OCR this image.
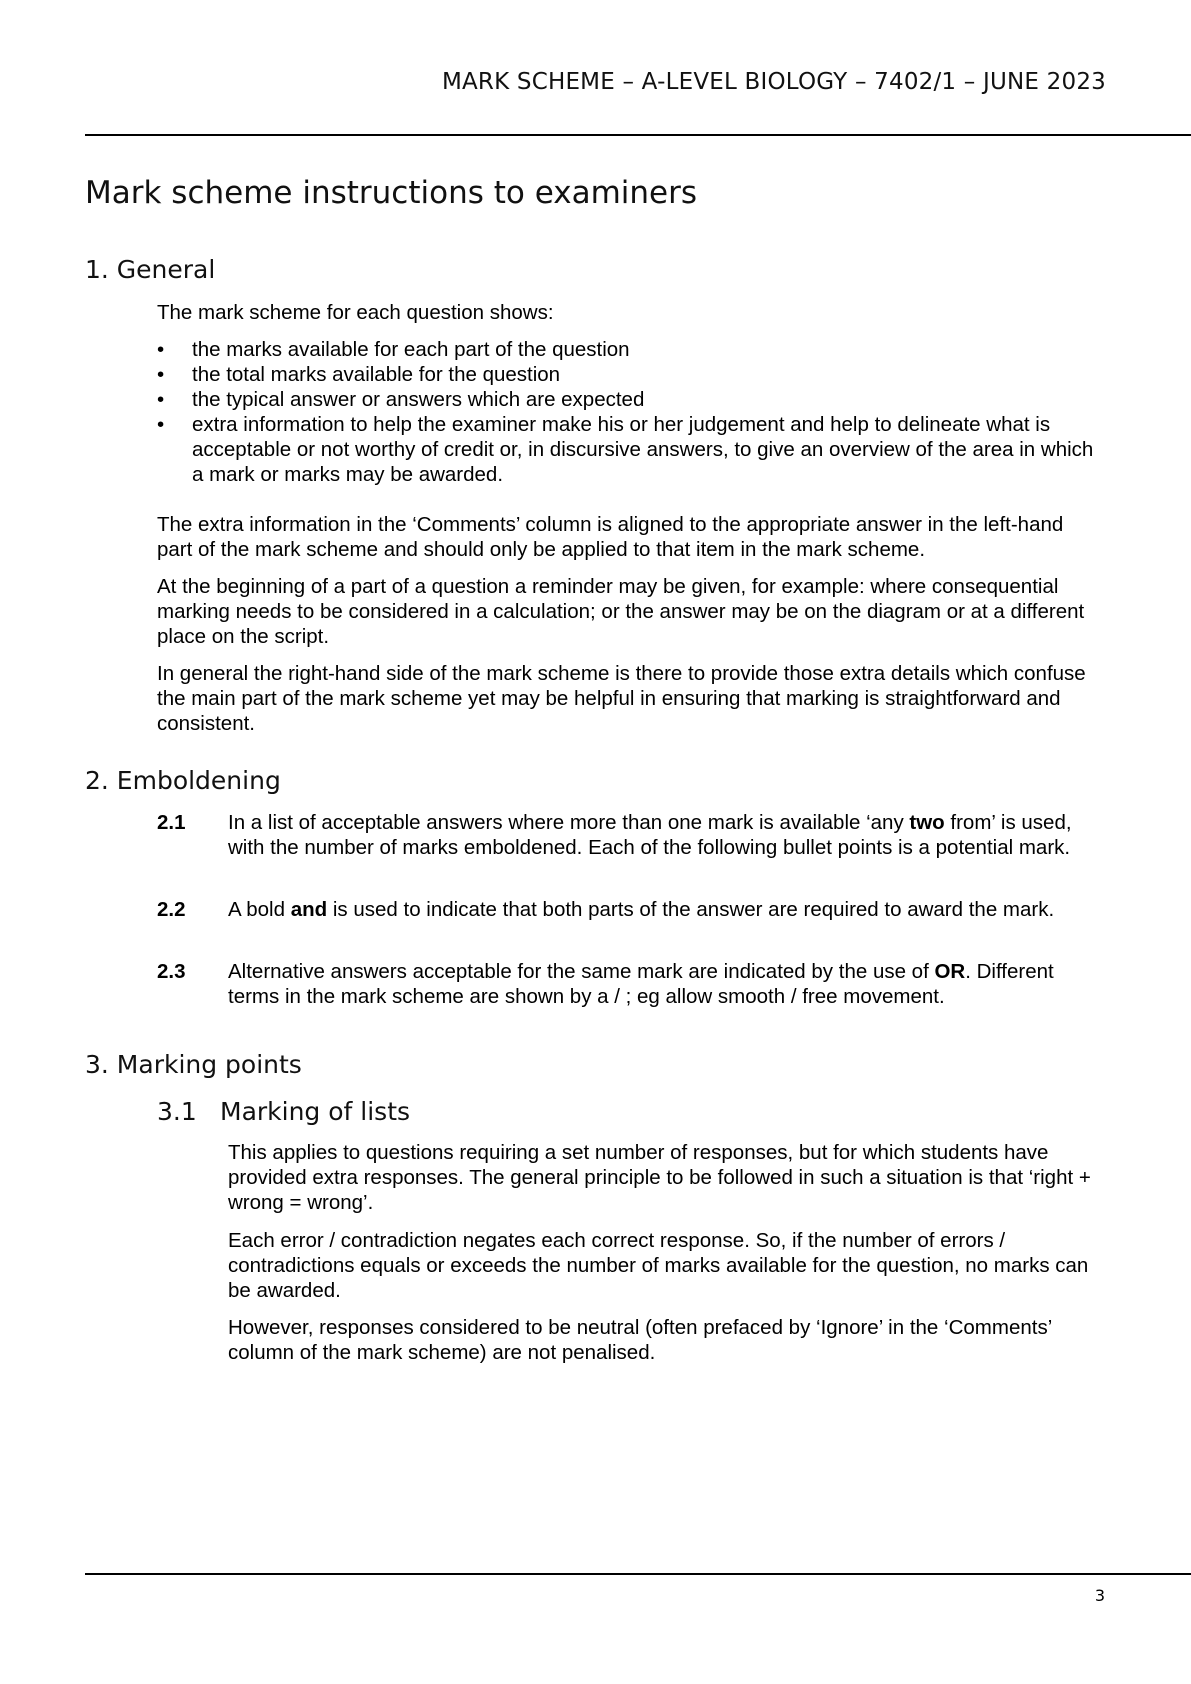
MARK SCHEME – A-LEVEL BIOLOGY – 7402/1 – JUNE 2023
Mark scheme instructions to examiners
1. General

The mark scheme for each question shows:

•	the marks available for each part of the question
•	the total marks available for the question
•	the typical answer or answers which are expected
•	extra information to help the examiner make his or her judgement and help to delineate what is acceptable or not worthy of credit or, in discursive answers, to give an overview of the area in which a mark or marks may be awarded.

The extra information in the ‘Comments’ column is aligned to the appropriate answer in the left-hand part of the mark scheme and should only be applied to that item in the mark scheme.

At the beginning of a part of a question a reminder may be given, for example: where consequential marking needs to be considered in a calculation; or the answer may be on the diagram or at a different place on the script.

In general the right-hand side of the mark scheme is there to provide those extra details which confuse the main part of the mark scheme yet may be helpful in ensuring that marking is straightforward and consistent.

2. Emboldening
2.1 In a list of acceptable answers where more than one mark is available ‘any two from’ is used, with the number of marks emboldened. Each of the following bullet points is a potential mark.
2.2 A bold and is used to indicate that both parts of the answer are required to award the mark.
2.3 Alternative answers acceptable for the same mark are indicated by the use of OR. Different terms in the mark scheme are shown by a / ; eg allow smooth / free movement.
3. Marking points
3.1 Marking of lists

This applies to questions requiring a set number of responses, but for which students have provided extra responses. The general principle to be followed in such a situation is that ‘right + wrong = wrong’.

Each error / contradiction negates each correct response. So, if the number of errors / contradictions equals or exceeds the number of marks available for the question, no marks can be awarded.

However, responses considered to be neutral (often prefaced by ‘Ignore’ in the ‘Comments’ column of the mark scheme) are not penalised.

3
